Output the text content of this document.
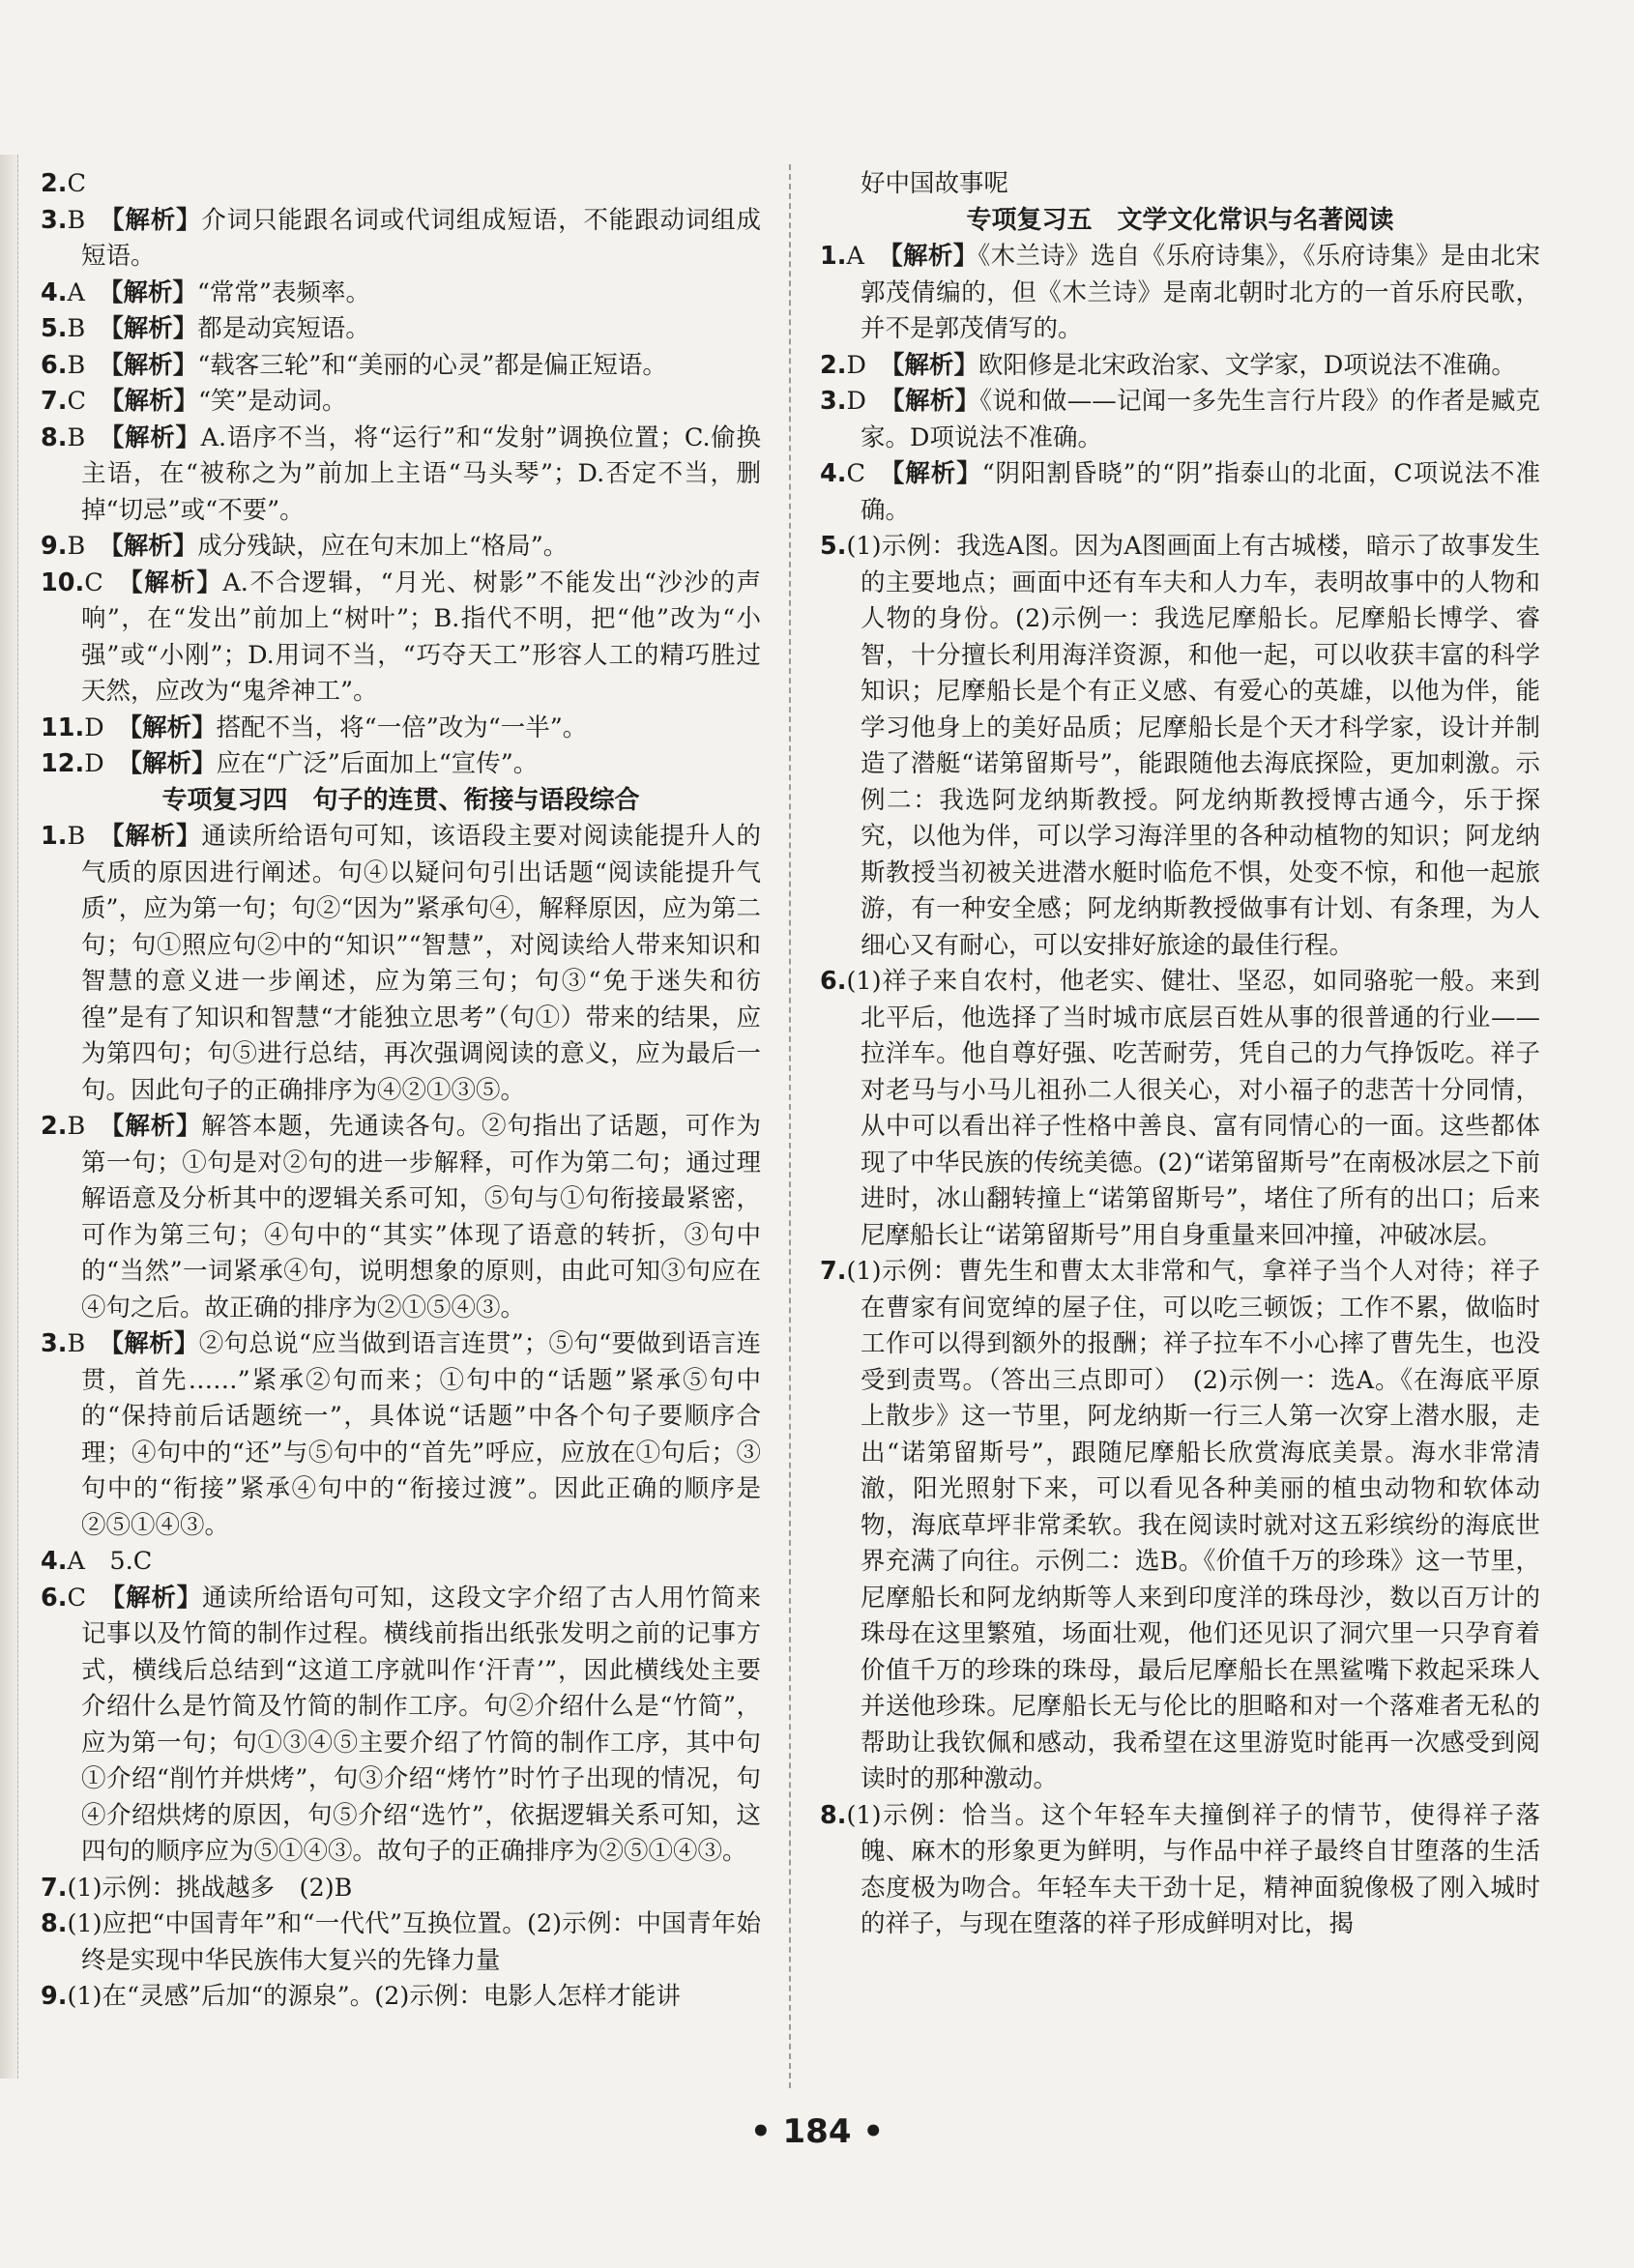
2.C
3.B 【解析】介词只能跟名词或代词组成短语，不能跟动词组成短语。
4.A 【解析】“常常”表频率。
5.B 【解析】都是动宾短语。
6.B 【解析】“载客三轮”和“美丽的心灵”都是偏正短语。
7.C 【解析】“笑”是动词。
8.B 【解析】A.语序不当，将“运行”和“发射”调换位置；C.偷换主语，在“被称之为”前加上主语“马头琴”；D.否定不当，删掉“切忌”或“不要”。
9.B 【解析】成分残缺，应在句末加上“格局”。
10.C 【解析】A.不合逻辑，“月光、树影”不能发出“沙沙的声响”，在“发出”前加上“树叶”；B.指代不明，把“他”改为“小强”或“小刚”；D.用词不当，“巧夺天工”形容人工的精巧胜过天然，应改为“鬼斧神工”。
11.D 【解析】搭配不当，将“一倍”改为“一半”。
12.D 【解析】应在“广泛”后面加上“宣传”。
专项复习四　句子的连贯、衔接与语段综合
1.B 【解析】通读所给语句可知，该语段主要对阅读能提升人的气质的原因进行阐述。句④以疑问句引出话题“阅读能提升气质”，应为第一句；句②“因为”紧承句④，解释原因，应为第二句；句①照应句②中的“知识”“智慧”，对阅读给人带来知识和智慧的意义进一步阐述，应为第三句；句③“免于迷失和彷徨”是有了知识和智慧“才能独立思考”（句①）带来的结果，应为第四句；句⑤进行总结，再次强调阅读的意义，应为最后一句。因此句子的正确排序为④②①③⑤。
2.B 【解析】解答本题，先通读各句。②句指出了话题，可作为第一句；①句是对②句的进一步解释，可作为第二句；通过理解语意及分析其中的逻辑关系可知，⑤句与①句衔接最紧密，可作为第三句；④句中的“其实”体现了语意的转折，③句中的“当然”一词紧承④句，说明想象的原则，由此可知③句应在④句之后。故正确的排序为②①⑤④③。
3.B 【解析】②句总说“应当做到语言连贯”；⑤句“要做到语言连贯，首先……”紧承②句而来；①句中的“话题”紧承⑤句中的“保持前后话题统一”，具体说“话题”中各个句子要顺序合理；④句中的“还”与⑤句中的“首先”呼应，应放在①句后；③句中的“衔接”紧承④句中的“衔接过渡”。因此正确的顺序是②⑤①④③。
4.A　5.C
6.C 【解析】通读所给语句可知，这段文字介绍了古人用竹简来记事以及竹简的制作过程。横线前指出纸张发明之前的记事方式，横线后总结到“这道工序就叫作‘汗青’”，因此横线处主要介绍什么是竹简及竹简的制作工序。句②介绍什么是“竹简”，应为第一句；句①③④⑤主要介绍了竹简的制作工序，其中句①介绍“削竹并烘烤”，句③介绍“烤竹”时竹子出现的情况，句④介绍烘烤的原因，句⑤介绍“选竹”，依据逻辑关系可知，这四句的顺序应为⑤①④③。故句子的正确排序为②⑤①④③。
7.(1)示例：挑战越多　(2)B
8.(1)应把“中国青年”和“一代代”互换位置。(2)示例：中国青年始终是实现中华民族伟大复兴的先锋力量
9.(1)在“灵感”后加“的源泉”。(2)示例：电影人怎样才能讲
好中国故事呢
专项复习五　文学文化常识与名著阅读
1.A 【解析】《木兰诗》选自《乐府诗集》，《乐府诗集》是由北宋郭茂倩编的，但《木兰诗》是南北朝时北方的一首乐府民歌，并不是郭茂倩写的。
2.D 【解析】欧阳修是北宋政治家、文学家，D项说法不准确。
3.D 【解析】《说和做——记闻一多先生言行片段》的作者是臧克家。D项说法不准确。
4.C 【解析】“阴阳割昏晓”的“阴”指泰山的北面，C项说法不准确。
5.(1)示例：我选A图。因为A图画面上有古城楼，暗示了故事发生的主要地点；画面中还有车夫和人力车，表明故事中的人物和人物的身份。(2)示例一：我选尼摩船长。尼摩船长博学、睿智，十分擅长利用海洋资源，和他一起，可以收获丰富的科学知识；尼摩船长是个有正义感、有爱心的英雄，以他为伴，能学习他身上的美好品质；尼摩船长是个天才科学家，设计并制造了潜艇“诺第留斯号”，能跟随他去海底探险，更加刺激。示例二：我选阿龙纳斯教授。阿龙纳斯教授博古通今，乐于探究，以他为伴，可以学习海洋里的各种动植物的知识；阿龙纳斯教授当初被关进潜水艇时临危不惧，处变不惊，和他一起旅游，有一种安全感；阿龙纳斯教授做事有计划、有条理，为人细心又有耐心，可以安排好旅途的最佳行程。
6.(1)祥子来自农村，他老实、健壮、坚忍，如同骆驼一般。来到北平后，他选择了当时城市底层百姓从事的很普通的行业——拉洋车。他自尊好强、吃苦耐劳，凭自己的力气挣饭吃。祥子对老马与小马儿祖孙二人很关心，对小福子的悲苦十分同情，从中可以看出祥子性格中善良、富有同情心的一面。这些都体现了中华民族的传统美德。(2)“诺第留斯号”在南极冰层之下前进时，冰山翻转撞上“诺第留斯号”，堵住了所有的出口；后来尼摩船长让“诺第留斯号”用自身重量来回冲撞，冲破冰层。
7.(1)示例：曹先生和曹太太非常和气，拿祥子当个人对待；祥子在曹家有间宽绰的屋子住，可以吃三顿饭；工作不累，做临时工作可以得到额外的报酬；祥子拉车不小心摔了曹先生，也没受到责骂。（答出三点即可）　(2)示例一：选A。《在海底平原上散步》这一节里，阿龙纳斯一行三人第一次穿上潜水服，走出“诺第留斯号”，跟随尼摩船长欣赏海底美景。海水非常清澈，阳光照射下来，可以看见各种美丽的植虫动物和软体动物，海底草坪非常柔软。我在阅读时就对这五彩缤纷的海底世界充满了向往。示例二：选B。《价值千万的珍珠》这一节里，尼摩船长和阿龙纳斯等人来到印度洋的珠母沙，数以百万计的珠母在这里繁殖，场面壮观，他们还见识了洞穴里一只孕育着价值千万的珍珠的珠母，最后尼摩船长在黑鲨嘴下救起采珠人并送他珍珠。尼摩船长无与伦比的胆略和对一个落难者无私的帮助让我钦佩和感动，我希望在这里游览时能再一次感受到阅读时的那种激动。
8.(1)示例：恰当。这个年轻车夫撞倒祥子的情节，使得祥子落魄、麻木的形象更为鲜明，与作品中祥子最终自甘堕落的生活态度极为吻合。年轻车夫干劲十足，精神面貌像极了刚入城时的祥子，与现在堕落的祥子形成鲜明对比，揭
• 184 •
